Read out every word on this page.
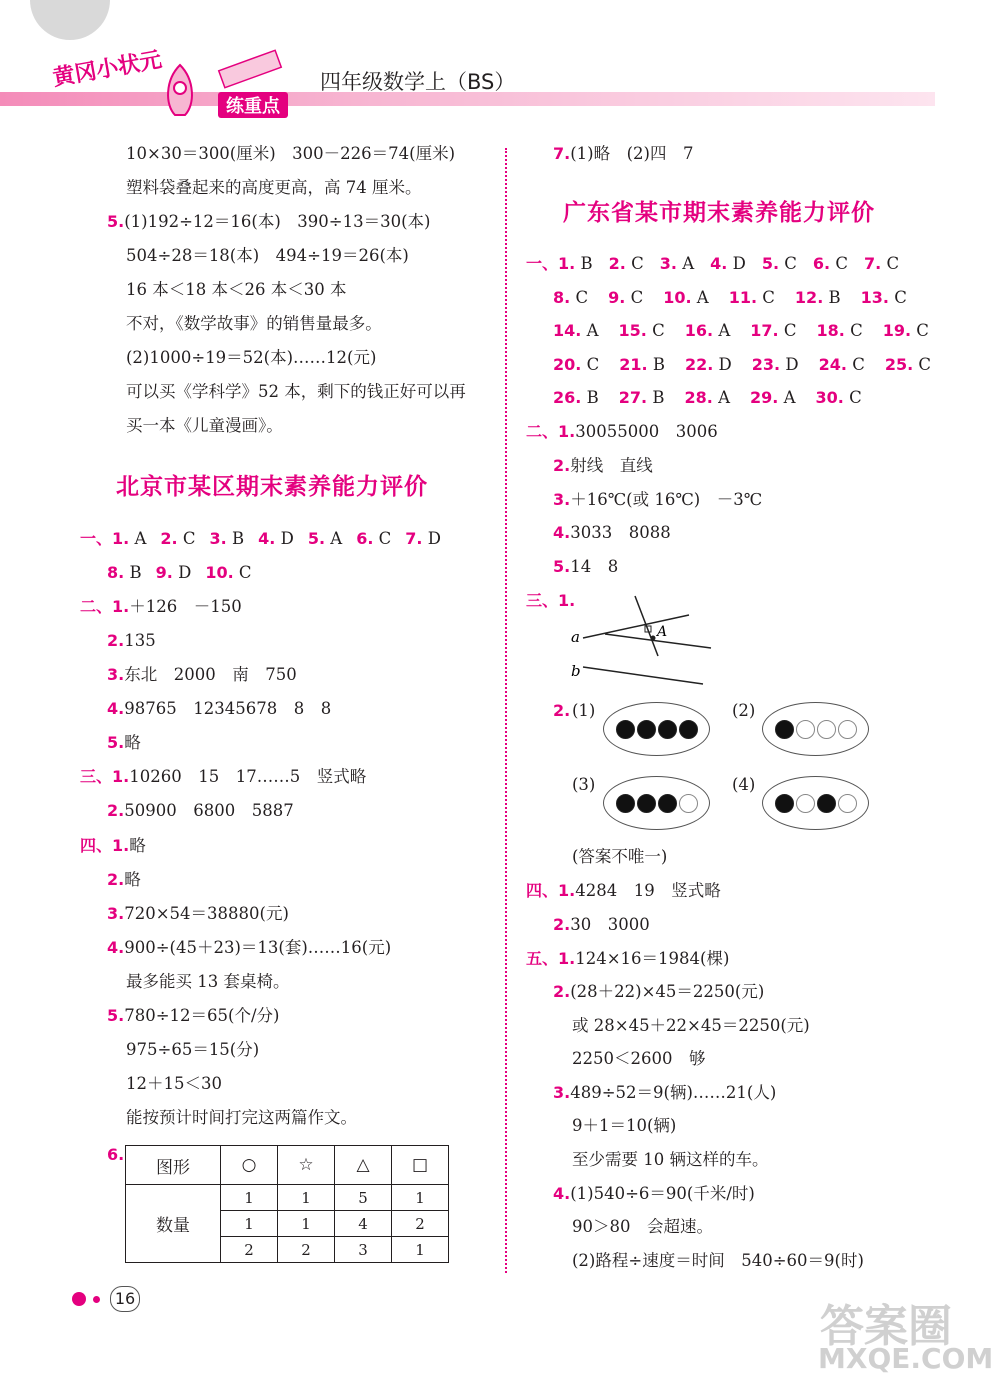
黄冈小状元
练重点
四年级数学上（BS）
10×30＝300(厘米)　300－226＝74(厘米)
塑料袋叠起来的高度更高，高 74 厘米。
5.(1)192÷12＝16(本)　390÷13＝30(本)
504÷28＝18(本)　494÷19＝26(本)
16 本＜18 本＜26 本＜30 本
不对，《数学故事》的销售量最多。
(2)1000÷19＝52(本)……12(元)
可以买《学科学》52 本，剩下的钱正好可以再
买一本《儿童漫画》。
北京市某区期末素养能力评价
一、1. A 2. C 3. B 4. D 5. A 6. C 7. D
8. B 9. D 10. C
二、1.＋126　－150
2.135
3.东北　2000　南　750
4.98765　12345678　8　8
5.略
三、1.10260　15　17……5　竖式略
2.50900　6800　5887
四、1.略
2.略
3.720×54＝38880(元)
4.900÷(45＋23)＝13(套)……16(元)
最多能买 13 套桌椅。
5.780÷12＝65(个/分)
975÷65＝15(分)
12＋15＜30
能按预计时间打完这两篇作文。
6.
图形	○	☆	△	□
数量	1	1	5	1
	1	1	4	2
	2	2	3	1
7.(1)略　(2)四　7
广东省某市期末素养能力评价
一、1. B 2. C 3. A 4. D 5. C 6. C 7. C
8. C 9. C 10. A 11. C 12. B 13. C
14. A 15. C 16. A 17. C 18. C 19. C
20. C 21. B 22. D 23. D 24. C 25. C
26. B 27. B 28. A 29. A 30. C
二、1.30055000　3006
2.射线　直线
3.＋16℃(或 16℃)　－3℃
4.3033　8088
5.14　8
三、1.
a
b
A
2. (1)	(2)
(3)	(4)
(答案不唯一)
四、1.4284　19　竖式略
2.30　3000
五、1.124×16＝1984(棵)
2.(28＋22)×45＝2250(元)
或 28×45＋22×45＝2250(元)
2250＜2600　够
3.489÷52＝9(辆)……21(人)
9＋1＝10(辆)
至少需要 10 辆这样的车。
4.(1)540÷6＝90(千米/时)
90＞80　会超速。
(2)路程÷速度＝时间　540÷60＝9(时)
16
答案圈
MXQE.COM
